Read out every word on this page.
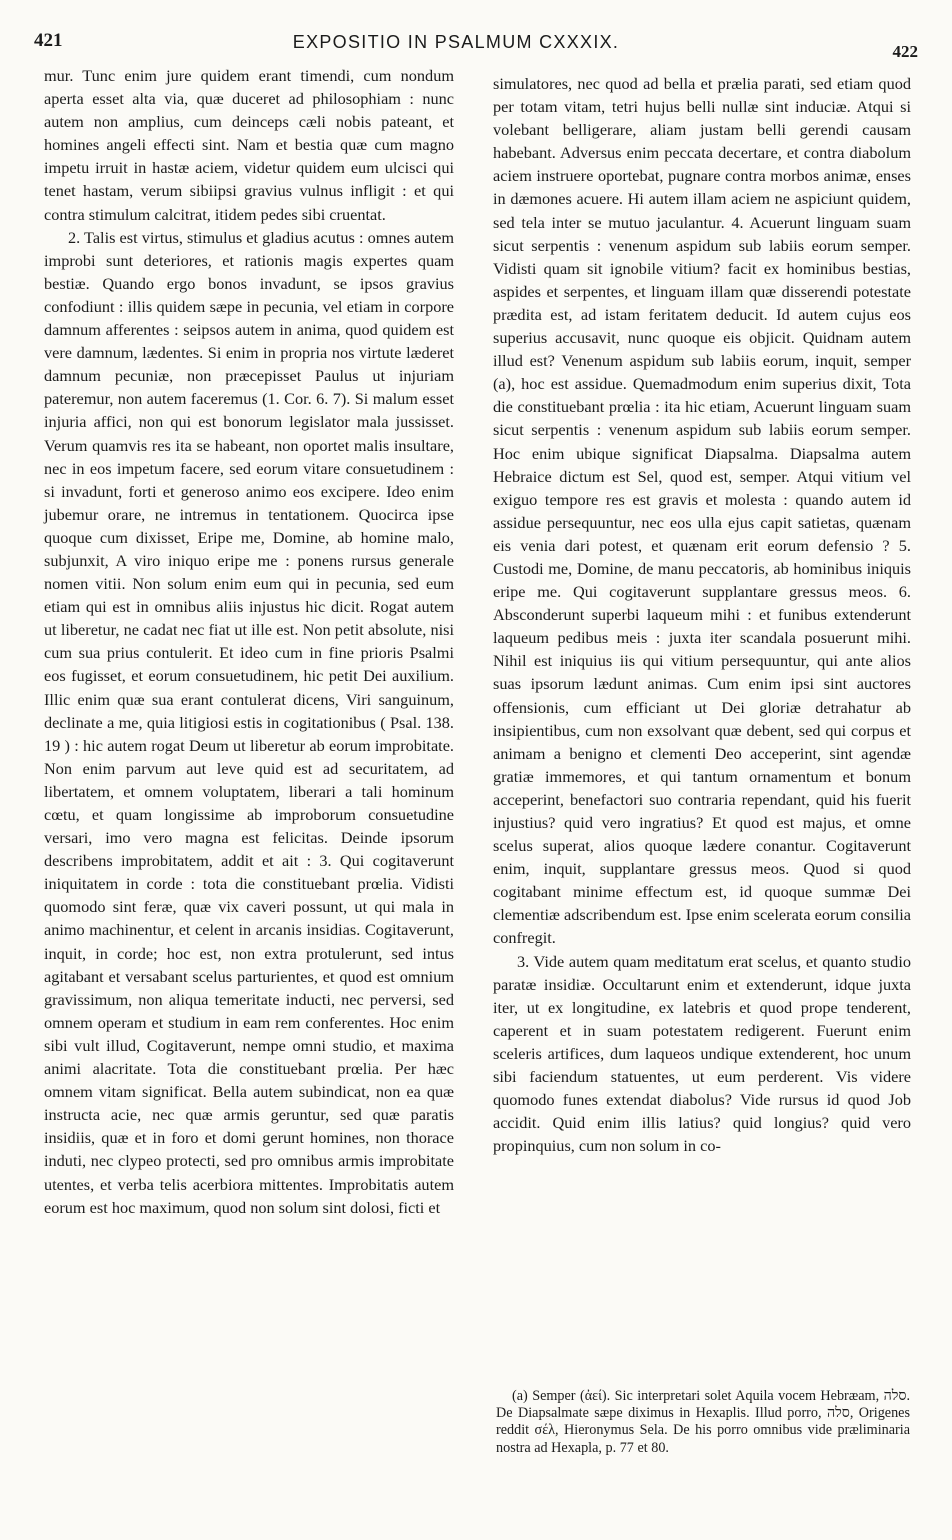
421	EXPOSITIO IN PSALMUM CXXXIX.	422

mur. Tunc enim jure quidem erant timendi, cum nondum aperta esset alta via, quæ duceret ad philosophiam : nunc autem non amplius, cum deinceps cæli nobis pateant, et homines angeli effecti sint. Nam et bestia quæ cum magno impetu irruit in hastæ aciem, videtur quidem eum ulcisci qui tenet hastam, verum sibiipsi gravius vulnus infligit : et qui contra stimulum calcitrat, itidem pedes sibi cruentat.

2. Talis est virtus, stimulus et gladius acutus : omnes autem improbi sunt deteriores, et rationis magis expertes quam bestiæ. Quando ergo bonos invadunt, se ipsos gravius confodiunt : illis quidem sæpe in pecunia, vel etiam in corpore damnum afferentes : seipsos autem in anima, quod quidem est vere damnum, lædentes. Si enim in propria nos virtute læderet damnum pecuniæ, non præcepisset Paulus ut injuriam pateremur, non autem faceremus (1. Cor. 6. 7). Si malum esset injuria affici, non qui est bonorum legislator mala jussisset. Verum quamvis res ita se habeant, non oportet malis insultare, nec in eos impetum facere, sed eorum vitare consuetudinem : si invadunt, forti et generoso animo eos excipere. Ideo enim jubemur orare, ne intremus in tentationem. Quocirca ipse quoque cum dixisset, Eripe me, Domine, ab homine malo, subjunxit, A viro iniquo eripe me : ponens rursus generale nomen vitii. Non solum enim eum qui in pecunia, sed eum etiam qui est in omnibus aliis injustus hic dicit. Rogat autem ut liberetur, ne cadat nec fiat ut ille est. Non petit absolute, nisi cum sua prius contulerit. Et ideo cum in fine prioris Psalmi eos fugisset, et eorum consuetudinem, hic petit Dei auxilium. Illic enim quæ sua erant contulerat dicens, Viri sanguinum, declinate a me, quia litigiosi estis in cogitationibus ( Psal. 138. 19 ) : hic autem rogat Deum ut liberetur ab eorum improbitate. Non enim parvum aut leve quid est ad securitatem, ad libertatem, et omnem voluptatem, liberari a tali hominum cœtu, et quam longissime ab improborum consuetudine versari, imo vero magna est felicitas. Deinde ipsorum describens improbitatem, addit et ait : 3. Qui cogitaverunt iniquitatem in corde : tota die constituebant prœlia. Vidisti quomodo sint feræ, quæ vix caveri possunt, ut qui mala in animo machinentur, et celent in arcanis insidias. Cogitaverunt, inquit, in corde; hoc est, non extra protulerunt, sed intus agitabant et versabant scelus parturientes, et quod est omnium gravissimum, non aliqua temeritate inducti, nec perversi, sed omnem operam et studium in eam rem conferentes. Hoc enim sibi vult illud, Cogitaverunt, nempe omni studio, et maxima animi alacritate. Tota die constituebant prœlia. Per hæc omnem vitam significat. Bella autem subindicat, non ea quæ instructa acie, nec quæ armis geruntur, sed quæ paratis insidiis, quæ et in foro et domi gerunt homines, non thorace induti, nec clypeo protecti, sed pro omnibus armis improbitate utentes, et verba telis acerbiora mittentes. Improbitatis autem eorum est hoc maximum, quod non solum sint dolosi, ficti et

simulatores, nec quod ad bella et prælia parati, sed etiam quod per totam vitam, tetri hujus belli nullæ sint induciæ. Atqui si volebant belligerare, aliam justam belli gerendi causam habebant. Adversus enim peccata decertare, et contra diabolum aciem instruere oportebat, pugnare contra morbos animæ, enses in dæmones acuere. Hi autem illam aciem ne aspiciunt quidem, sed tela inter se mutuo jaculantur. 4. Acuerunt linguam suam sicut serpentis : venenum aspidum sub labiis eorum semper. Vidisti quam sit ignobile vitium? facit ex hominibus bestias, aspides et serpentes, et linguam illam quæ disserendi potestate prædita est, ad istam feritatem deducit. Id autem cujus eos superius accusavit, nunc quoque eis objicit. Quidnam autem illud est? Venenum aspidum sub labiis eorum, inquit, semper (a), hoc est assidue. Quemadmodum enim superius dixit, Tota die constituebant prœlia : ita hic etiam, Acuerunt linguam suam sicut serpentis : venenum aspidum sub labiis eorum semper. Hoc enim ubique significat Diapsalma. Diapsalma autem Hebraice dictum est Sel, quod est, semper. Atqui vitium vel exiguo tempore res est gravis et molesta : quando autem id assidue persequuntur, nec eos ulla ejus capit satietas, quænam eis venia dari potest, et quænam erit eorum defensio ? 5. Custodi me, Domine, de manu peccatoris, ab hominibus iniquis eripe me. Qui cogitaverunt supplantare gressus meos. 6. Absconderunt superbi laqueum mihi : et funibus extenderunt laqueum pedibus meis : juxta iter scandala posuerunt mihi. Nihil est iniquius iis qui vitium persequuntur, qui ante alios suas ipsorum lædunt animas. Cum enim ipsi sint auctores offensionis, cum efficiant ut Dei gloriæ detrahatur ab insipientibus, cum non exsolvant quæ debent, sed qui corpus et animam a benigno et clementi Deo acceperint, sint agendæ gratiæ immemores, et qui tantum ornamentum et bonum acceperint, benefactori suo contraria rependant, quid his fuerit injustius? quid vero ingratius? Et quod est majus, et omne scelus superat, alios quoque lædere conantur. Cogitaverunt enim, inquit, supplantare gressus meos. Quod si quod cogitabant minime effectum est, id quoque summæ Dei clementiæ adscribendum est. Ipse enim scelerata eorum consilia confregit.

3. Vide autem quam meditatum erat scelus, et quanto studio paratæ insidiæ. Occultarunt enim et extenderunt, idque juxta iter, ut ex longitudine, ex latebris et quod prope tenderent, caperent et in suam potestatem redigerent. Fuerunt enim sceleris artifices, dum laqueos undique extenderent, hoc unum sibi faciendum statuentes, ut eum perderent. Vis videre quomodo funes extendat diabolus? Vide rursus id quod Job accidit. Quid enim illis latius? quid longius? quid vero propinquius, cum non solum in co-

(a) Semper (ἀεί). Sic interpretari solet Aquila vocem Hebræam, סלה. De Diapsalmate sæpe diximus in Hexaplis. Illud porro, סלה, Origenes reddit σέλ, Hieronymus Sela. De his porro omnibus vide præliminaria nostra ad Hexapla, p. 77 et 80.
